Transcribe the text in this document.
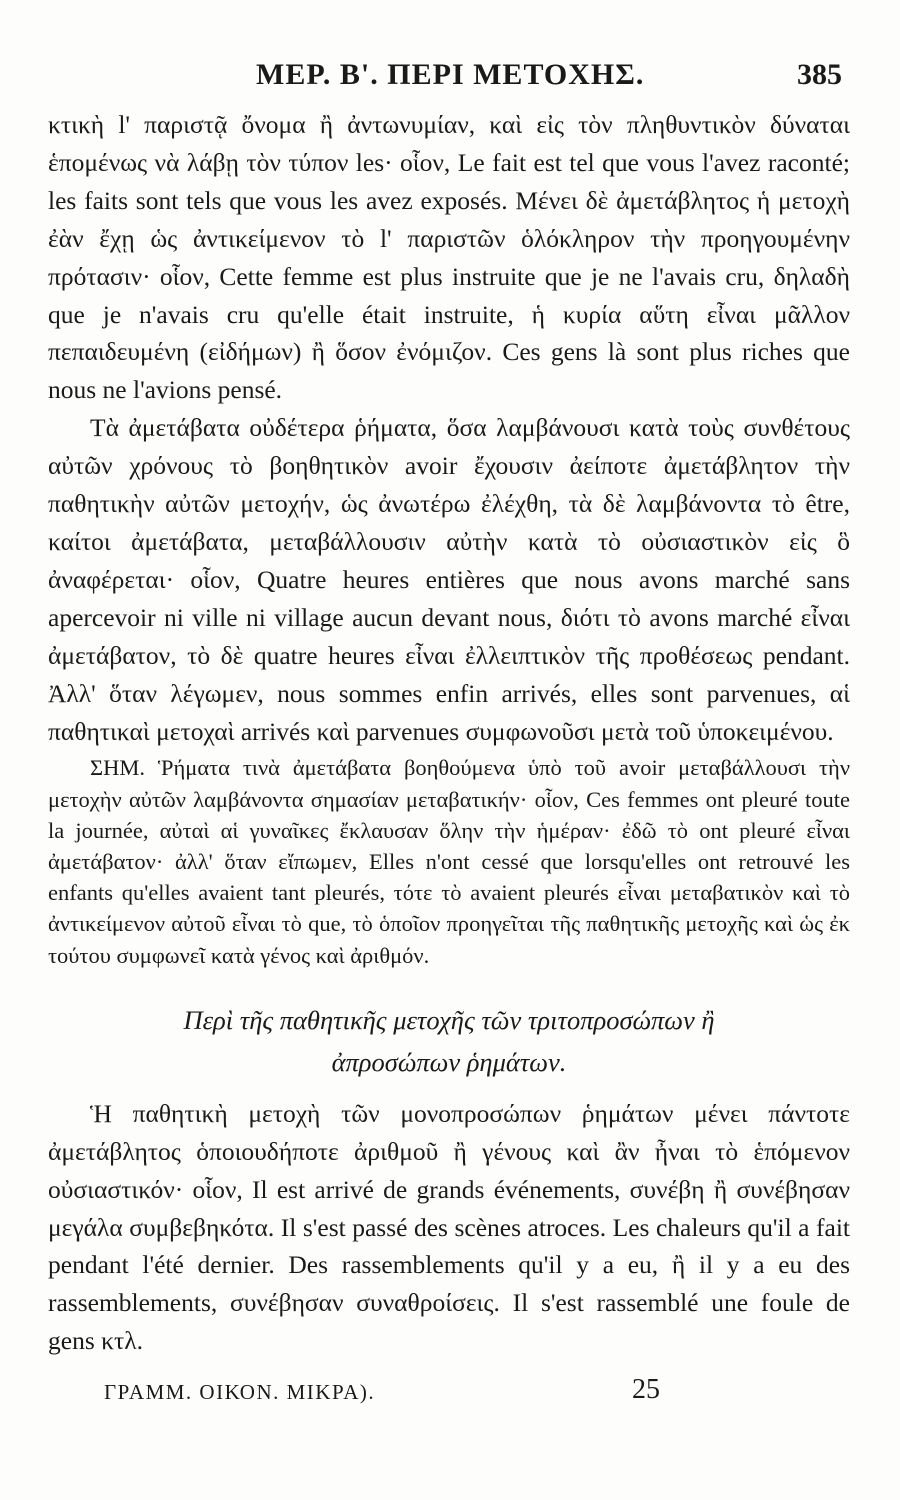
ΜΕΡ. Β'. ΠΕΡΙ ΜΕΤΟΧΗΣ.	385

κτικὴ l' παριστᾷ ὄνομα ἢ ἀντωνυμίαν, καὶ εἰς τὸν πληθυντικὸν δύναται ἑπομένως νὰ λάβῃ τὸν τύπον les· οἷον, Le fait est tel que vous l'avez raconté; les faits sont tels que vous les avez exposés. Μένει δὲ ἀμετάβλητος ἡ μετοχὴ ἐὰν ἔχῃ ὡς ἀντικείμενον τὸ l' παριστῶν ὁλόκληρον τὴν προηγουμένην πρότασιν· οἷον, Cette femme est plus instruite que je ne l'avais cru, δηλαδὴ que je n'avais cru qu'elle était instruite, ἡ κυρία αὕτη εἶναι μᾶλλον πεπαιδευμένη (εἰδήμων) ἢ ὅσον ἐνόμιζον. Ces gens là sont plus riches que nous ne l'avions pensé.

Τὰ ἀμετάβατα οὐδέτερα ῥήματα, ὅσα λαμβάνουσι κατὰ τοὺς συνθέτους αὐτῶν χρόνους τὸ βοηθητικὸν avoir ἔχουσιν ἀείποτε ἀμετάβλητον τὴν παθητικὴν αὐτῶν μετοχήν, ὡς ἀνωτέρω ἐλέχθη, τὰ δὲ λαμβάνοντα τὸ être, καίτοι ἀμετάβατα, μεταβάλλουσιν αὐτὴν κατὰ τὸ οὐσιαστικὸν εἰς ὃ ἀναφέρεται· οἷον, Quatre heures entières que nous avons marché sans apercevoir ni ville ni village aucun devant nous, διότι τὸ avons marché εἶναι ἀμετάβατον, τὸ δὲ quatre heures εἶναι ἐλλειπτικὸν τῆς προθέσεως pendant. Ἀλλ' ὅταν λέγωμεν, nous sommes enfin arrivés, elles sont parvenues, αἱ παθητικαὶ μετοχαὶ arrivés καὶ parvenues συμφωνοῦσι μετὰ τοῦ ὑποκειμένου.

ΣΗΜ. Ῥήματα τινὰ ἀμετάβατα βοηθούμενα ὑπὸ τοῦ avoir μεταβάλλουσι τὴν μετοχὴν αὐτῶν λαμβάνοντα σημασίαν μεταβατικήν· οἷον, Ces femmes ont pleuré toute la journée, αὐταὶ αἱ γυναῖκες ἔκλαυσαν ὅλην τὴν ἡμέραν· ἐδῶ τὸ ont pleuré εἶναι ἀμετάβατον· ἀλλ' ὅταν εἴπωμεν, Elles n'ont cessé que lorsqu'elles ont retrouvé les enfants qu'elles avaient tant pleurés, τότε τὸ avaient pleurés εἶναι μεταβατικὸν καὶ τὸ ἀντικείμενον αὐτοῦ εἶναι τὸ que, τὸ ὁποῖον προηγεῖται τῆς παθητικῆς μετοχῆς καὶ ὡς ἐκ τούτου συμφωνεῖ κατὰ γένος καὶ ἀριθμόν.

Περὶ τῆς παθητικῆς μετοχῆς τῶν τριτοπροσώπων ἢ ἀπροσώπων ῥημάτων.

Ἡ παθητικὴ μετοχὴ τῶν μονοπροσώπων ῥημάτων μένει πάντοτε ἀμετάβλητος ὁποιουδήποτε ἀριθμοῦ ἢ γένους καὶ ἂν ἦναι τὸ ἑπόμενον οὐσιαστικόν· οἷον, Il est arrivé de grands événements, συνέβη ἢ συνέβησαν μεγάλα συμβεβηκότα. Il s'est passé des scènes atroces. Les chaleurs qu'il a fait pendant l'été dernier. Des rassemblements qu'il y a eu, ἢ il y a eu des rassemblements, συνέβησαν συναθροίσεις. Il s'est rassemblé une foule de gens κτλ.

ΓΡΑΜΜ. ΟΙΚΟΝ. ΜΙΚΡΑ).	25
